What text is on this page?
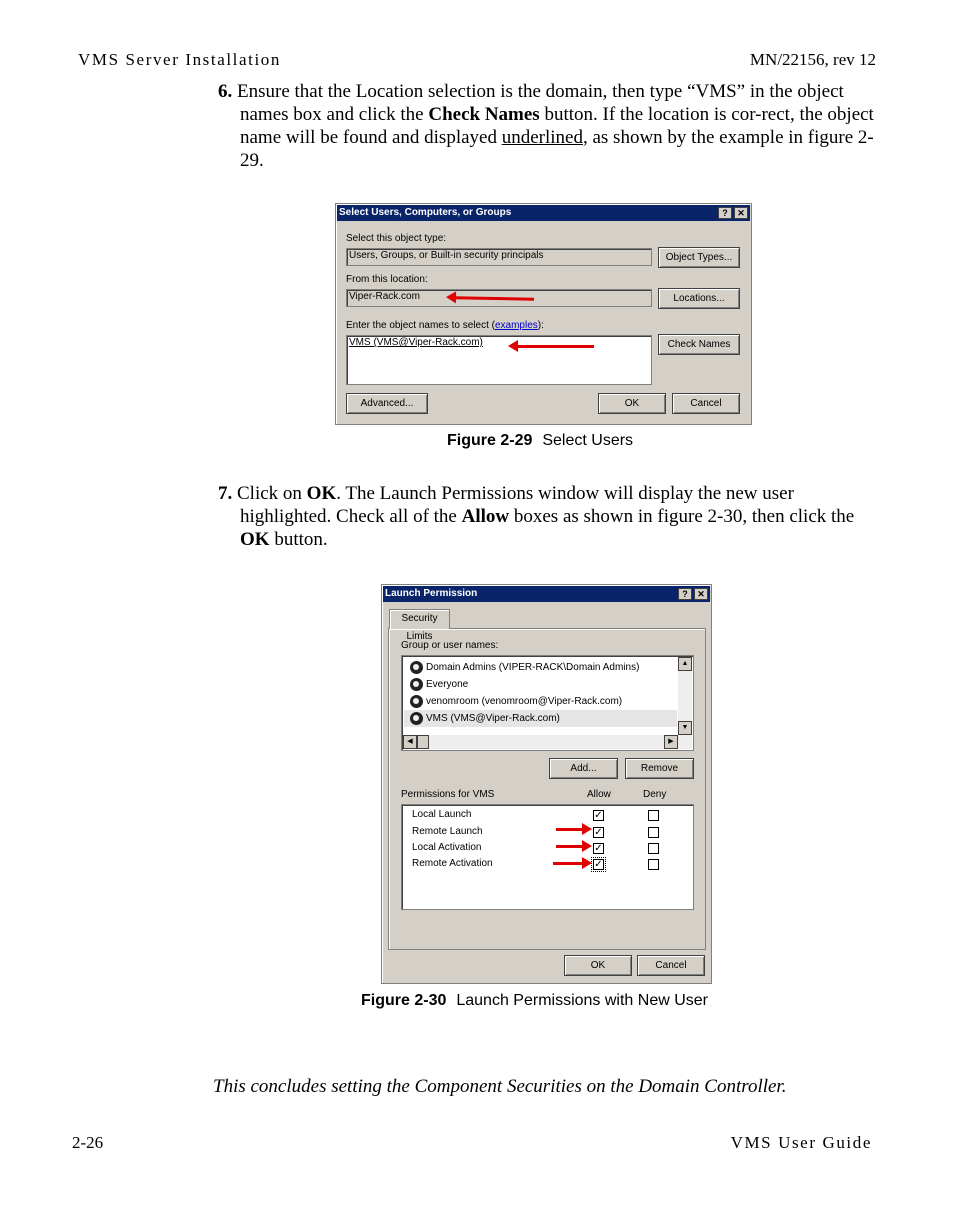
VMS Server Installation	MN/22156, rev 12

6. Ensure that the Location selection is the domain, then type “VMS” in the object names box and click the Check Names button. If the location is cor-rect, the object name will be found and displayed underlined, as shown by the example in figure 2-29.

Select Users, Computers, or Groups	?	✕
Select this object type:
Users, Groups, or Built-in security principals	Object Types...
From this location:
Viper-Rack.com	Locations...
Enter the object names to select (examples):
VMS (VMS@Viper-Rack.com)	Check Names
Advanced...	OK	Cancel
Figure 2-29 Select Users

7. Click on OK. The Launch Permissions window will display the new user highlighted. Check all of the Allow boxes as shown in figure 2-30, then click the OK button.

Launch Permission	?	✕
Security Limits
Group or user names:
Domain Admins (VIPER-RACK\Domain Admins)
Everyone
venomroom (venomroom@Viper-Rack.com)
VMS (VMS@Viper-Rack.com)
▲
▼
◀	▶
Add...	Remove
Permissions for VMS	Allow	Deny
Local Launch	✓
Remote Launch	✓
Local Activation	✓
Remote Activation	✓
OK	Cancel
Figure 2-30 Launch Permissions with New User
This concludes setting the Component Securities on the Domain Controller.
2-26	VMS User Guide
